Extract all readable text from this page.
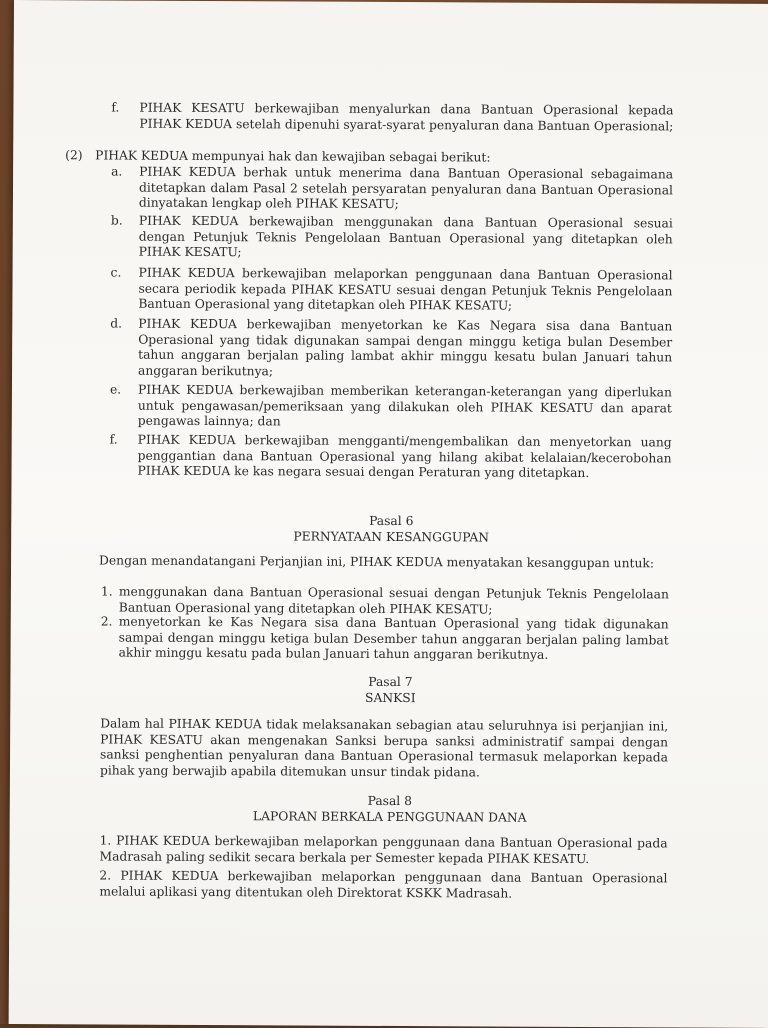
f. PIHAK KESATU berkewajiban menyalurkan dana Bantuan Operasional kepada PIHAK KEDUA setelah dipenuhi syarat-syarat penyaluran dana Bantuan Operasional;
(2) PIHAK KEDUA mempunyai hak dan kewajiban sebagai berikut:
a. PIHAK KEDUA berhak untuk menerima dana Bantuan Operasional sebagaimana ditetapkan dalam Pasal 2 setelah persyaratan penyaluran dana Bantuan Operasional dinyatakan lengkap oleh PIHAK KESATU;
b. PIHAK KEDUA berkewajiban menggunakan dana Bantuan Operasional sesuai dengan Petunjuk Teknis Pengelolaan Bantuan Operasional yang ditetapkan oleh PIHAK KESATU;
c. PIHAK KEDUA berkewajiban melaporkan penggunaan dana Bantuan Operasional secara periodik kepada PIHAK KESATU sesuai dengan Petunjuk Teknis Pengelolaan Bantuan Operasional yang ditetapkan oleh PIHAK KESATU;
d. PIHAK KEDUA berkewajiban menyetorkan ke Kas Negara sisa dana Bantuan Operasional yang tidak digunakan sampai dengan minggu ketiga bulan Desember tahun anggaran berjalan paling lambat akhir minggu kesatu bulan Januari tahun anggaran berikutnya;
e. PIHAK KEDUA berkewajiban memberikan keterangan-keterangan yang diperlukan untuk pengawasan/pemeriksaan yang dilakukan oleh PIHAK KESATU dan aparat pengawas lainnya; dan
f. PIHAK KEDUA berkewajiban mengganti/mengembalikan dan menyetorkan uang penggantian dana Bantuan Operasional yang hilang akibat kelalaian/kecerobohan PIHAK KEDUA ke kas negara sesuai dengan Peraturan yang ditetapkan.
Pasal 6
PERNYATAAN KESANGGUPAN
Dengan menandatangani Perjanjian ini, PIHAK KEDUA menyatakan kesanggupan untuk:
1. menggunakan dana Bantuan Operasional sesuai dengan Petunjuk Teknis Pengelolaan Bantuan Operasional yang ditetapkan oleh PIHAK KESATU;
2. menyetorkan ke Kas Negara sisa dana Bantuan Operasional yang tidak digunakan sampai dengan minggu ketiga bulan Desember tahun anggaran berjalan paling lambat akhir minggu kesatu pada bulan Januari tahun anggaran berikutnya.
Pasal 7
SANKSI
Dalam hal PIHAK KEDUA tidak melaksanakan sebagian atau seluruhnya isi perjanjian ini, PIHAK KESATU akan mengenakan Sanksi berupa sanksi administratif sampai dengan sanksi penghentian penyaluran dana Bantuan Operasional termasuk melaporkan kepada pihak yang berwajib apabila ditemukan unsur tindak pidana.
Pasal 8
LAPORAN BERKALA PENGGUNAAN DANA
1. PIHAK KEDUA berkewajiban melaporkan penggunaan dana Bantuan Operasional pada Madrasah paling sedikit secara berkala per Semester kepada PIHAK KESATU.
2. PIHAK KEDUA berkewajiban melaporkan penggunaan dana Bantuan Operasional melalui aplikasi yang ditentukan oleh Direktorat KSKK Madrasah.
